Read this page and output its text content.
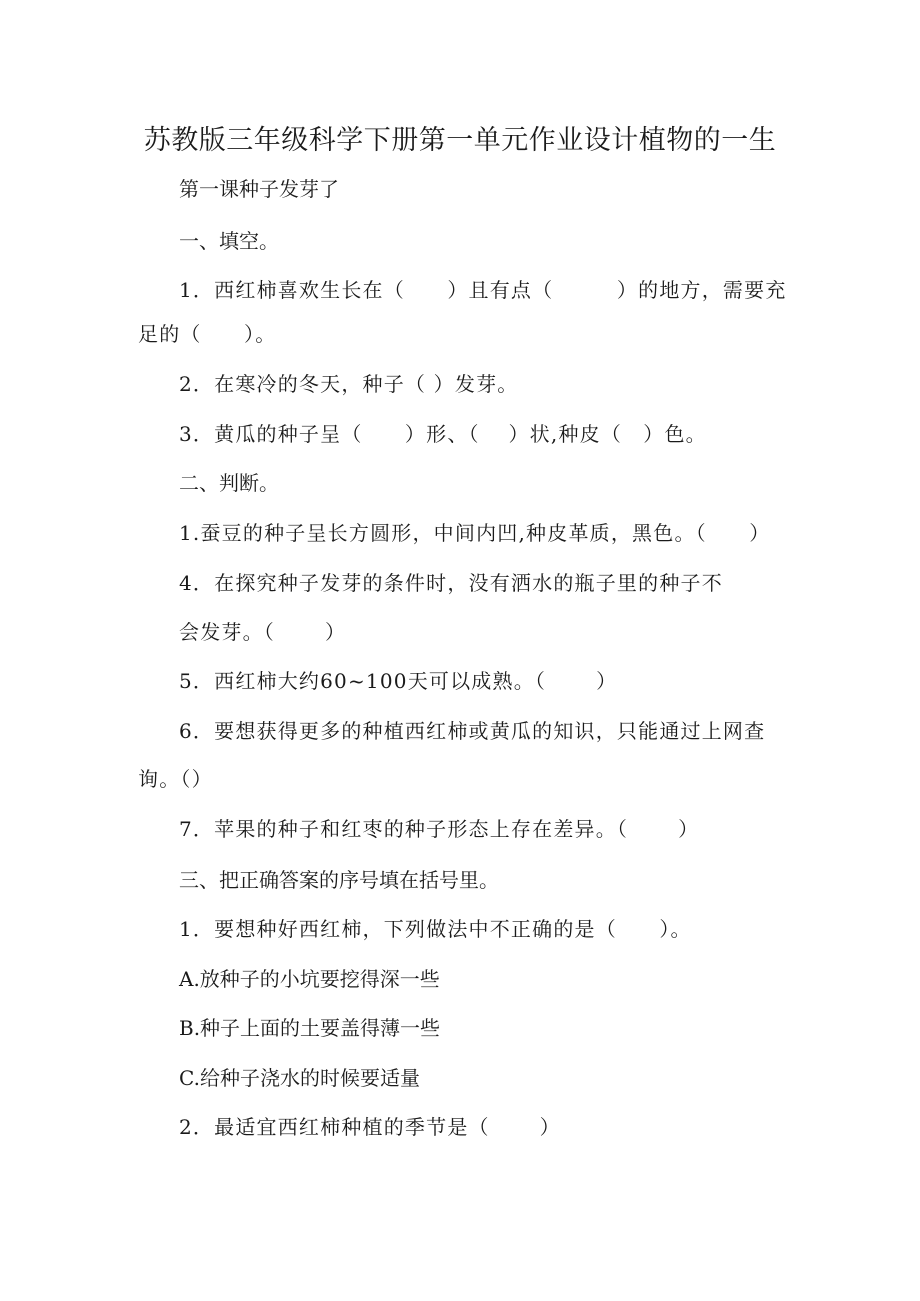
苏教版三年级科学下册第一单元作业设计植物的一生
第一课种子发芽了
一、填空。
1．西红柿喜欢生长在（　　）且有点（　　　）的地方，需要充
足的（　　）。
2．在寒冷的冬天，种子（ ）发芽。
3．黄瓜的种子呈（　　）形、（　 ）状,种皮（　）色。
二、判断。
1.蚕豆的种子呈长方圆形，中间内凹,种皮革质，黑色。（　　）
4．在探究种子发芽的条件时，没有洒水的瓶子里的种子不
会发芽。（　　 ）
5．西红柿大约60~100天可以成熟。（　　 ）
6．要想获得更多的种植西红柿或黄瓜的知识，只能通过上网查
询。（）
7．苹果的种子和红枣的种子形态上存在差异。（　　 ）
三、把正确答案的序号填在括号里。
1．要想种好西红柿，下列做法中不正确的是（　　）。
A.放种子的小坑要挖得深一些
B.种子上面的土要盖得薄一些
C.给种子浇水的时候要适量
2．最适宜西红柿种植的季节是（　　 ）
